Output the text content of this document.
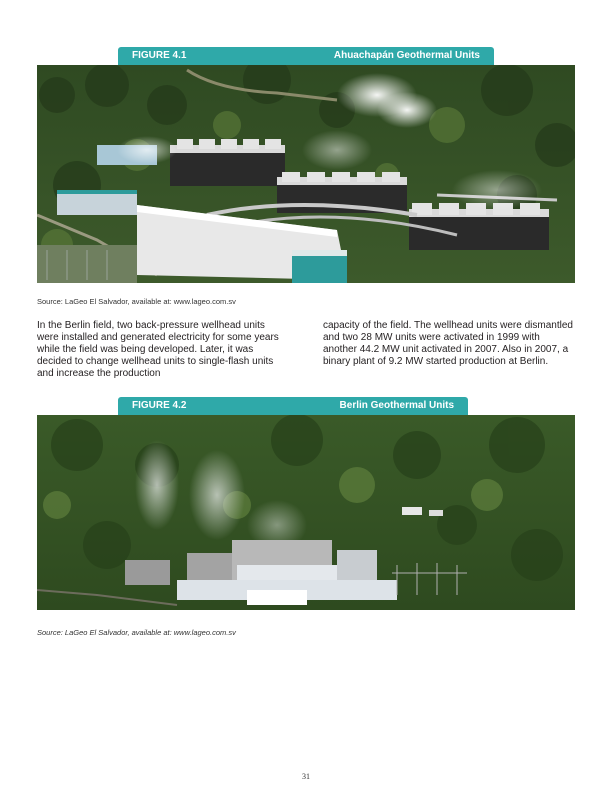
FIGURE 4.1	Ahuachapán Geothermal Units
Source: LaGeo El Salvador, available at: www.lageo.com.sv
In the Berlin field, two back-pressure wellhead units were installed and generated electricity for some years while the field was being developed. Later, it was decided to change wellhead units to single-flash units and increase the production
capacity of the field. The wellhead units were dismantled and two 28 MW units were activated in 1999 with another 44.2 MW unit activated in 2007. Also in 2007, a binary plant of 9.2 MW started production at Berlin.
FIGURE 4.2	Berlin Geothermal Units
Source: LaGeo El Salvador, available at: www.lageo.com.sv
31
